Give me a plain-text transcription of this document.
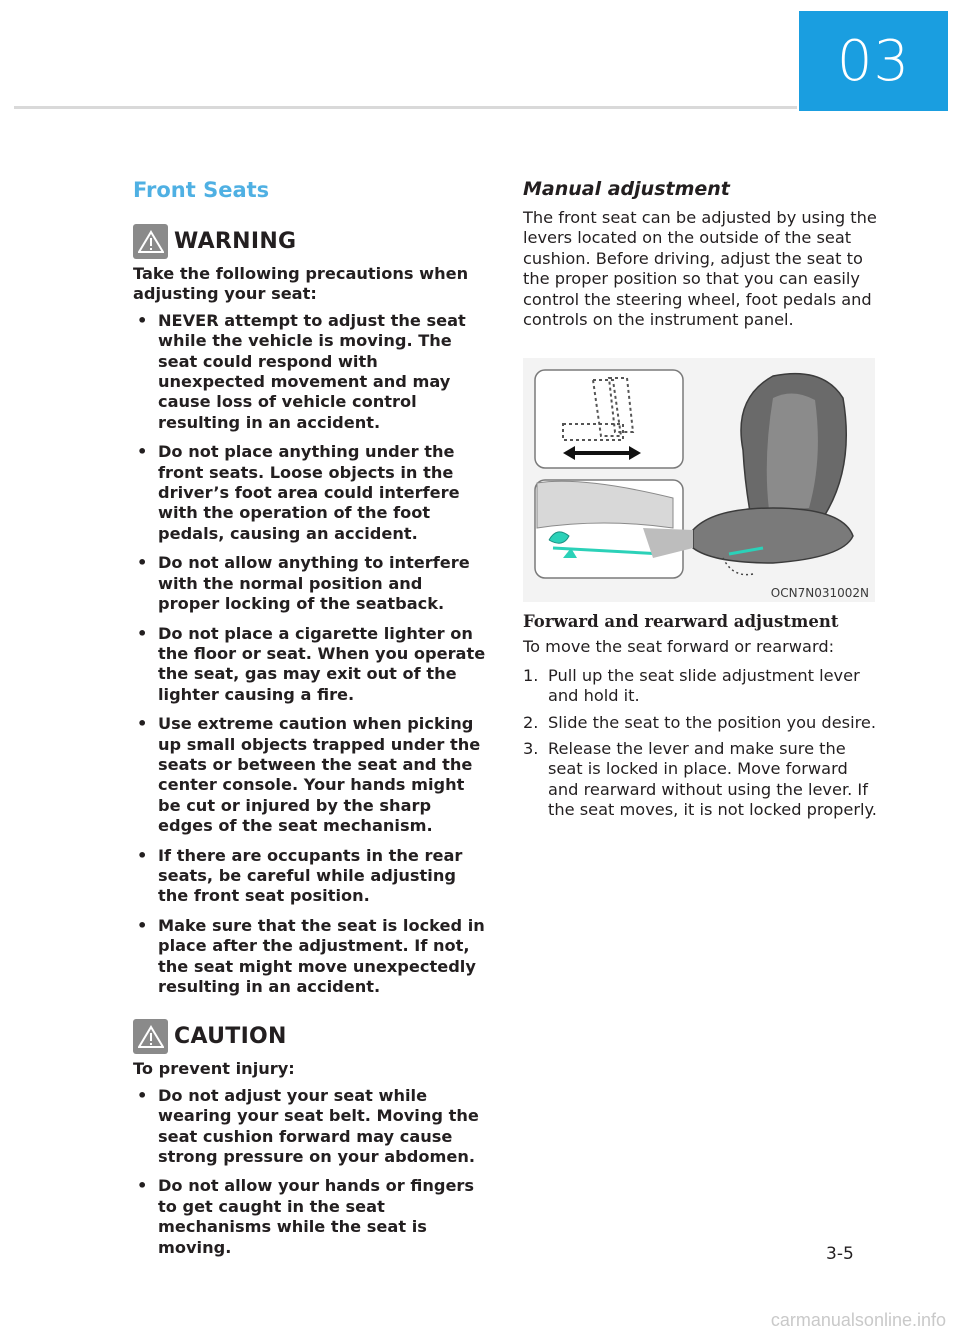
03
Front Seats
WARNING

Take the following precautions when adjusting your seat:

• NEVER attempt to adjust the seat while the vehicle is moving. The seat could respond with unexpected movement and may cause loss of vehicle control resulting in an accident.
• Do not place anything under the front seats. Loose objects in the driver’s foot area could interfere with the operation of the foot pedals, causing an accident.
• Do not allow anything to interfere with the normal position and proper locking of the seatback.
• Do not place a cigarette lighter on the floor or seat. When you operate the seat, gas may exit out of the lighter causing a fire.
• Use extreme caution when picking up small objects trapped under the seats or between the seat and the center console. Your hands might be cut or injured by the sharp edges of the seat mechanism.
• If there are occupants in the rear seats, be careful while adjusting the front seat position.
• Make sure that the seat is locked in place after the adjustment. If not, the seat might move unexpectedly resulting in an accident.
CAUTION

To prevent injury:

• Do not adjust your seat while wearing your seat belt. Moving the seat cushion forward may cause strong pressure on your abdomen.
• Do not allow your hands or fingers to get caught in the seat mechanisms while the seat is moving.
Manual adjustment

The front seat can be adjusted by using the levers located on the outside of the seat cushion. Before driving, adjust the seat to the proper position so that you can easily control the steering wheel, foot pedals and controls on the instrument panel.

OCN7N031002N

Forward and rearward adjustment

To move the seat forward or rearward:

1. Pull up the seat slide adjustment lever and hold it.
2. Slide the seat to the position you desire.
3. Release the lever and make sure the seat is locked in place. Move forward and rearward without using the lever. If the seat moves, it is not locked properly.
3-5
carmanualsonline.info
